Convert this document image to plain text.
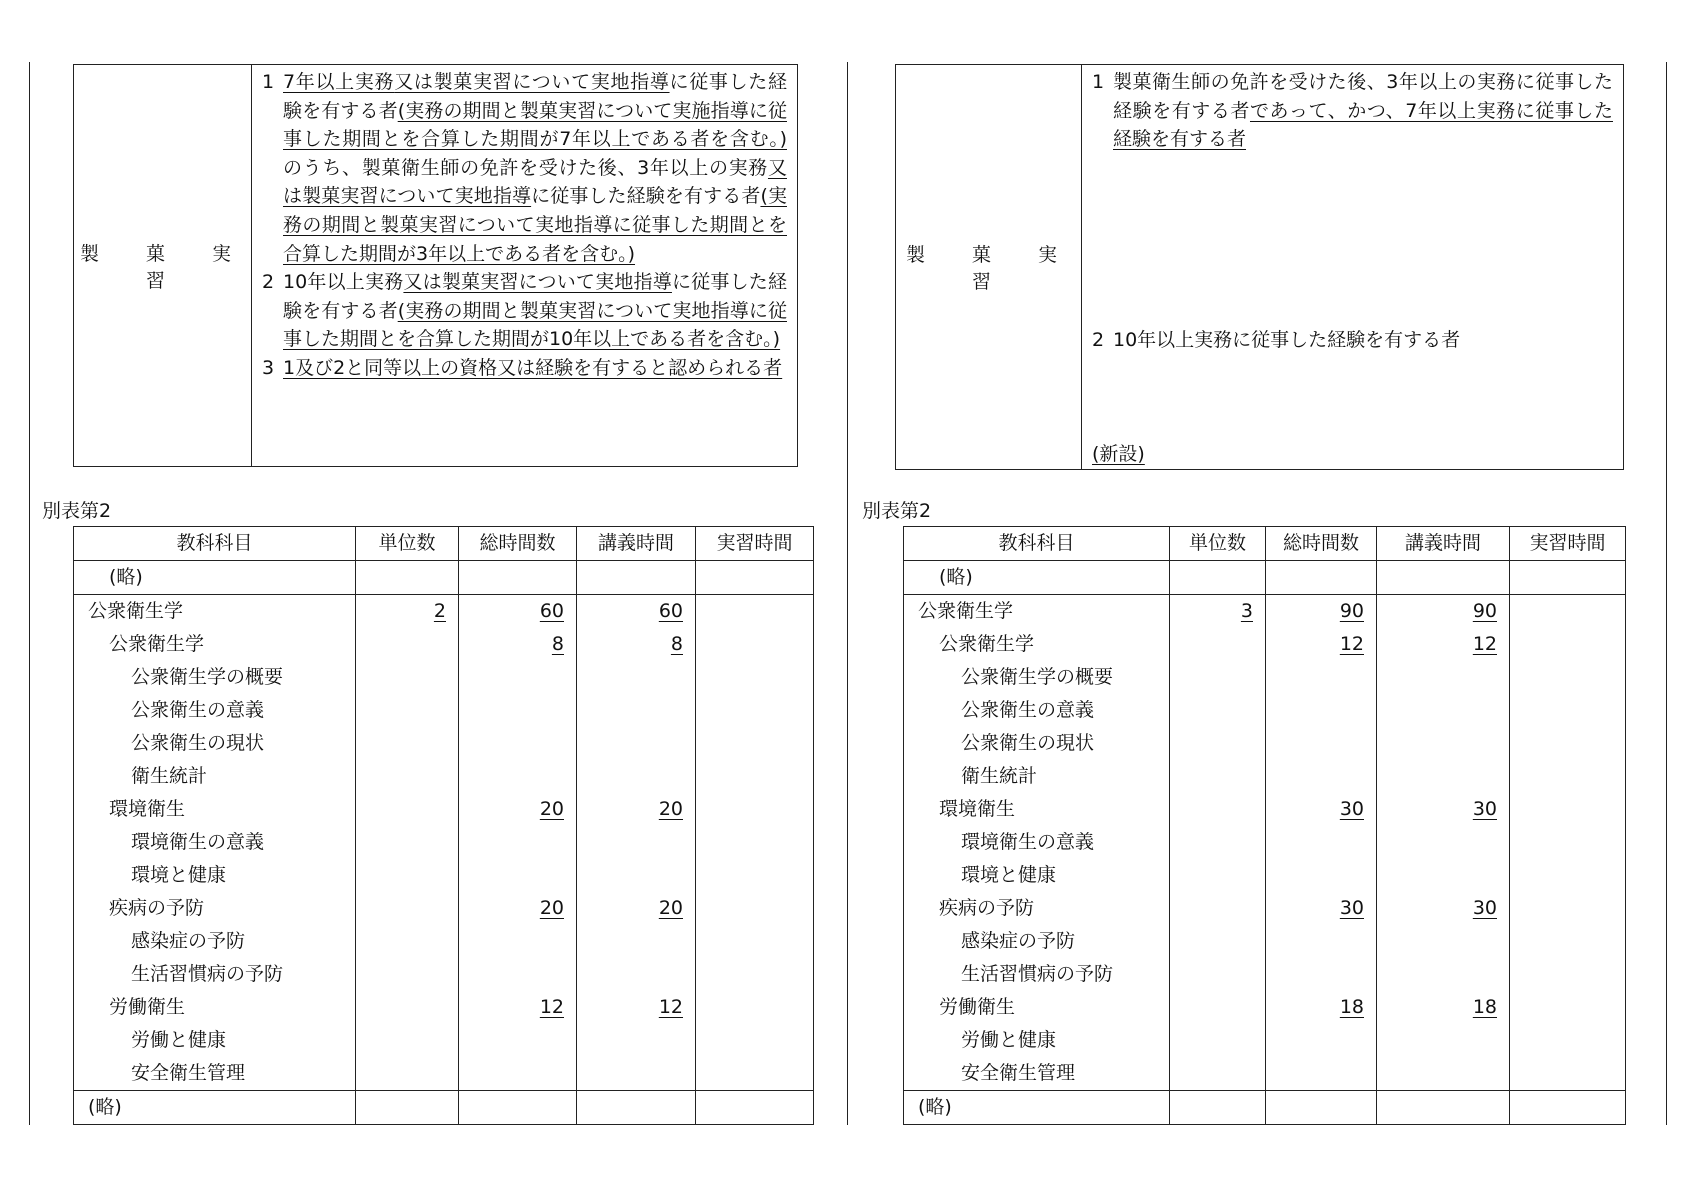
製　菓　実　習	
1 7年以上実務又は製菓実習について実地指導に従事した経験を有する者(実務の期間と製菓実習について実施指導に従事した期間とを合算した期間が7年以上である者を含む。)のうち、製菓衛生師の免許を受けた後、3年以上の実務又は製菓実習について実地指導に従事した経験を有する者(実務の期間と製菓実習について実地指導に従事した期間とを合算した期間が3年以上である者を含む。)
2 10年以上実務又は製菓実習について実地指導に従事した経験を有する者(実務の期間と製菓実習について実地指導に従事した期間とを合算した期間が10年以上である者を含む。)
3 1及び2と同等以上の資格又は経験を有すると認められる者
製　菓　実　習	
1 製菓衛生師の免許を受けた後、3年以上の実務に従事した経験を有する者であって、かつ、7年以上実務に従事した経験を有する者
2 10年以上実務に従事した経験を有する者
(新設)
別表第2	別表第2
教科科目	単位数	総時間数	講義時間	実習時間
(略)				
公衆衛生学	2	60	60	
公衆衛生学		8	8	
公衆衛生学の概要				
公衆衛生の意義				
公衆衛生の現状				
衛生統計				
環境衛生		20	20	
環境衛生の意義				
環境と健康				
疾病の予防		20	20	
感染症の予防				
生活習慣病の予防				
労働衛生		12	12	
労働と健康				
安全衛生管理				
(略)				
教科科目	単位数	総時間数	講義時間	実習時間
(略)				
公衆衛生学	3	90	90	
公衆衛生学		12	12	
公衆衛生学の概要				
公衆衛生の意義				
公衆衛生の現状				
衛生統計				
環境衛生		30	30	
環境衛生の意義				
環境と健康				
疾病の予防		30	30	
感染症の予防				
生活習慣病の予防				
労働衛生		18	18	
労働と健康				
安全衛生管理				
(略)				
